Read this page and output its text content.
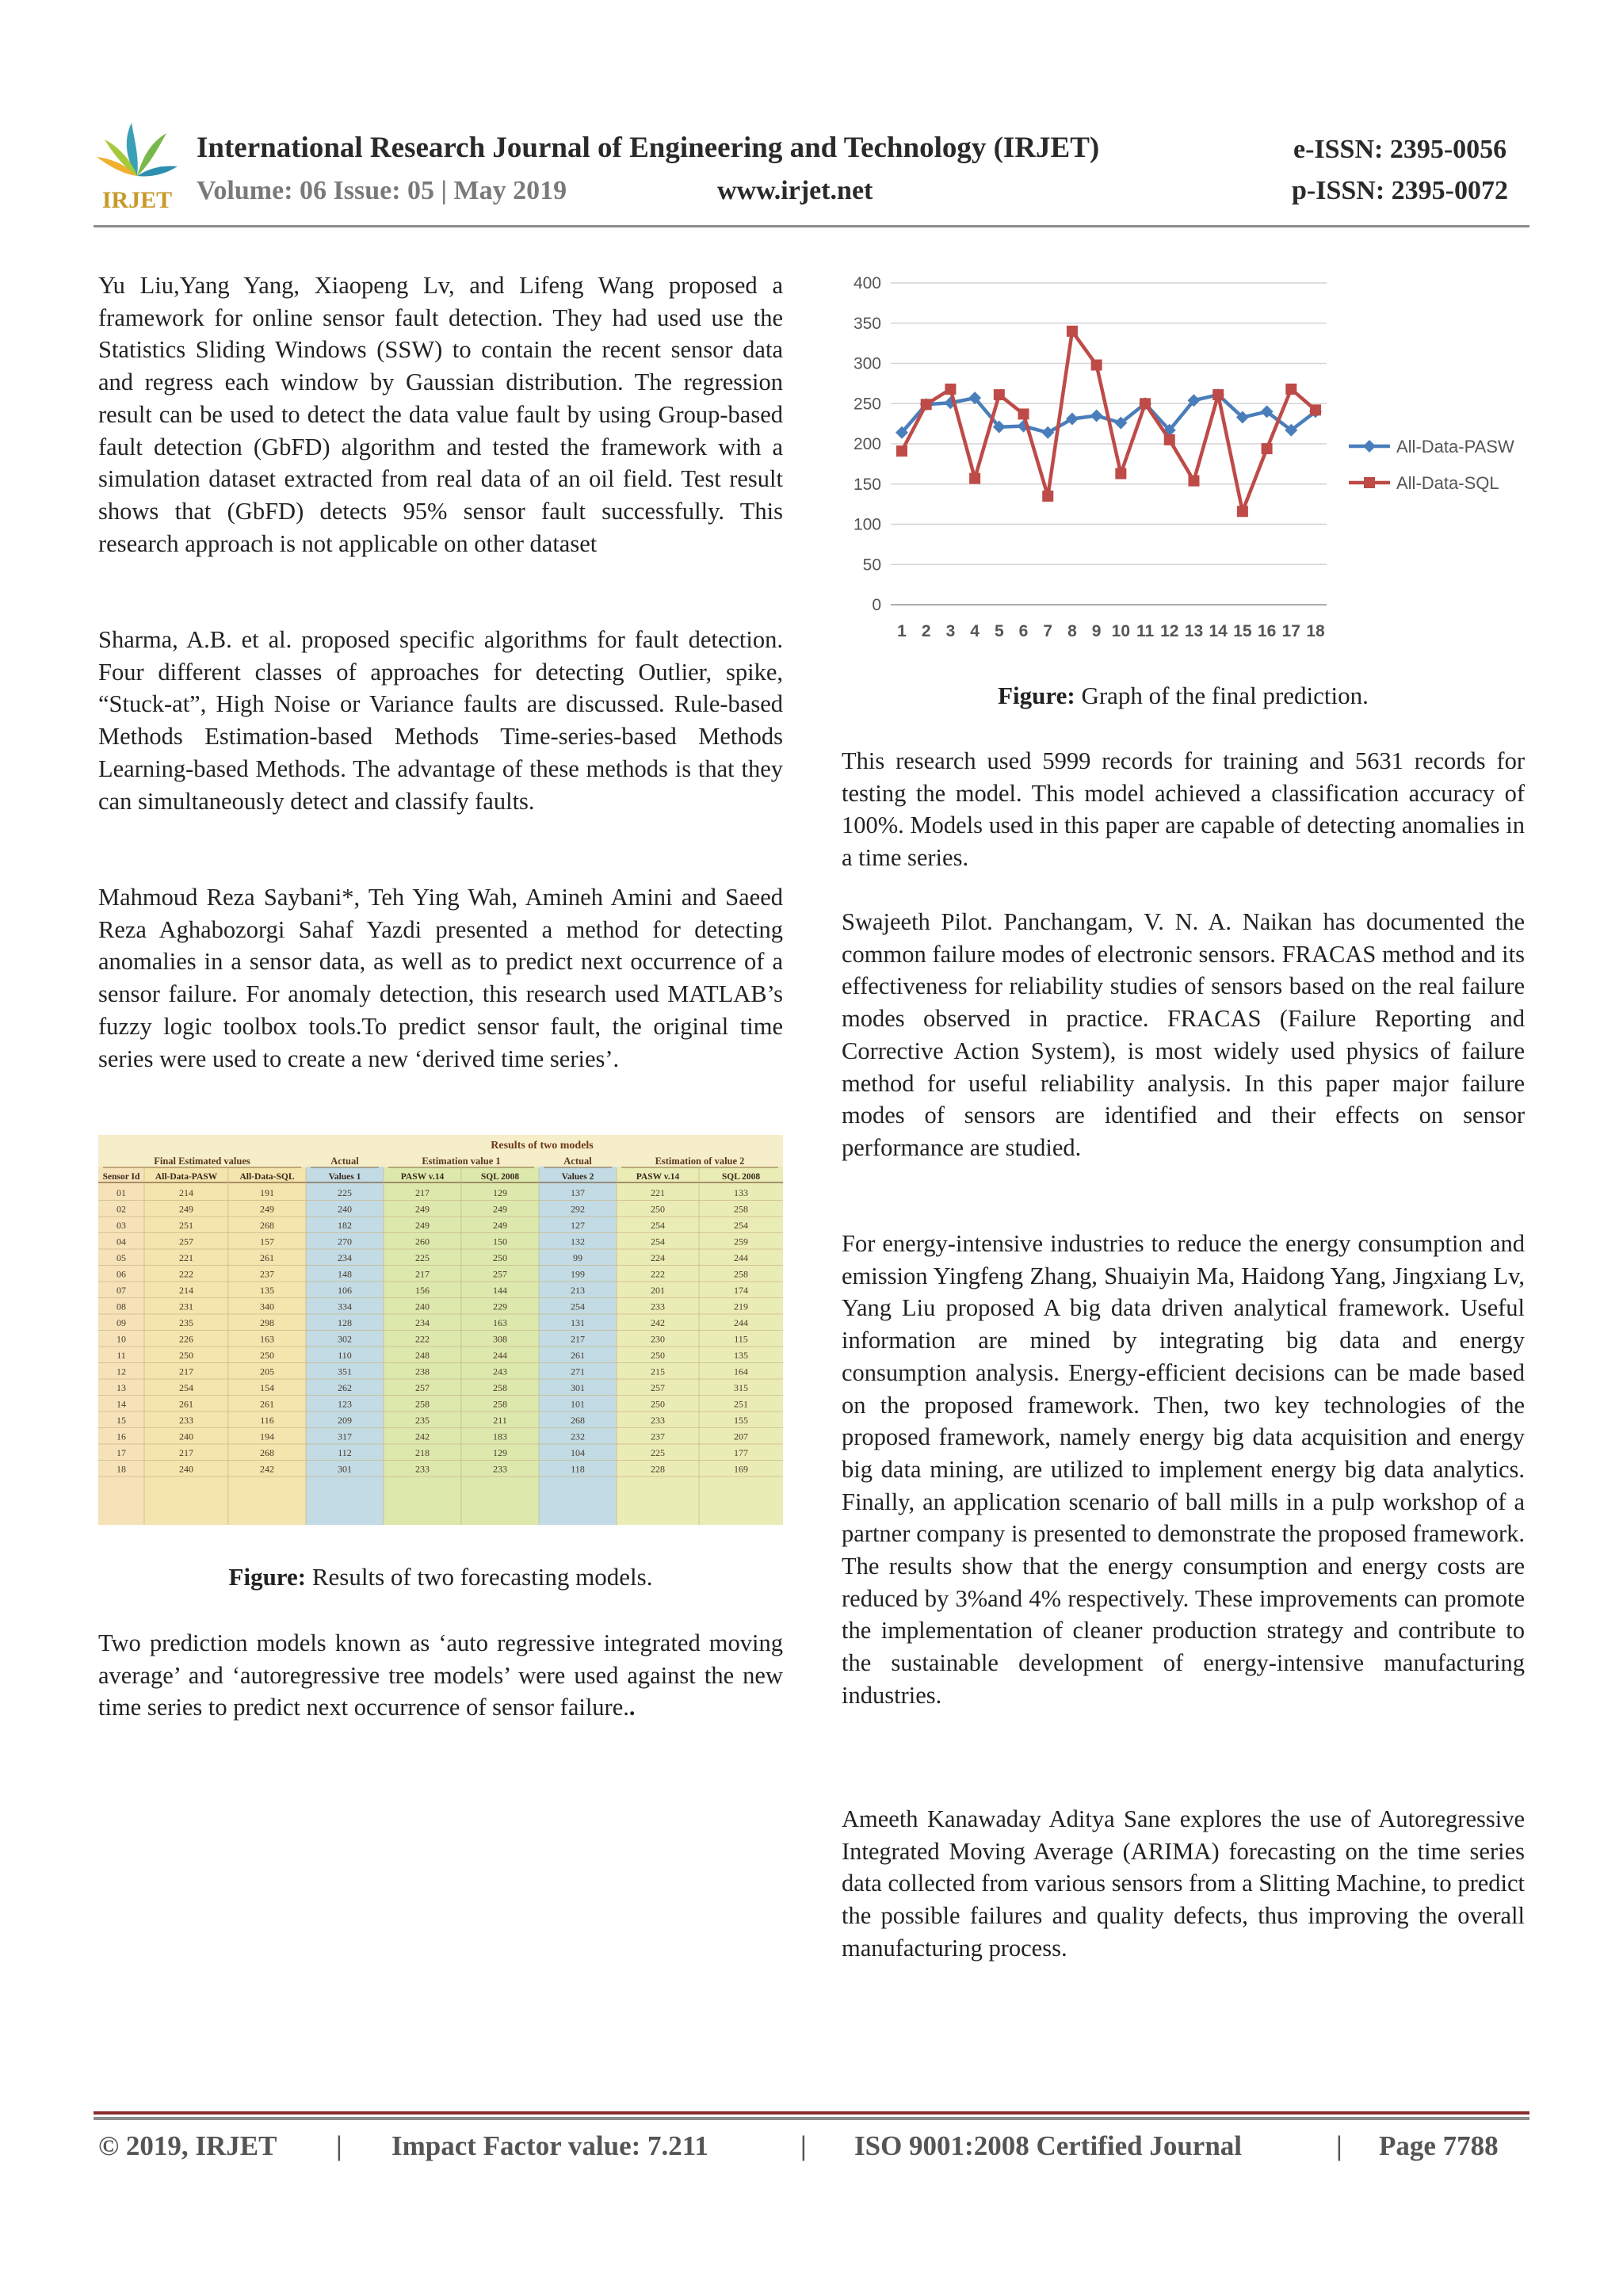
IRJET
International Research Journal of Engineering and Technology (IRJET)	e-ISSN: 2395-0056
Volume: 06 Issue: 05 | May 2019	www.irjet.net	p-ISSN: 2395-0072

Yu Liu,Yang Yang, Xiaopeng Lv, and Lifeng Wang proposed a framework for online sensor fault detection. They had used use the Statistics Sliding Windows (SSW) to contain the recent sensor data and regress each window by Gaussian distribution. The regression result can be used to detect the data value fault by using Group-based fault detection (GbFD) algorithm and tested the framework with a simulation dataset extracted from real data of an oil field. Test result shows that (GbFD) detects 95% sensor fault successfully. This research approach is not applicable on other dataset

Sharma, A.B. et al. proposed specific algorithms for fault detection. Four different classes of approaches for detecting Outlier, spike, “Stuck-at”, High Noise or Variance faults are discussed. Rule-based Methods Estimation-based Methods Time-series-based Methods Learning-based Methods. The advantage of these methods is that they can simultaneously detect and classify faults.

Mahmoud Reza Saybani*, Teh Ying Wah, Amineh Amini and Saeed Reza Aghabozorgi Sahaf Yazdi presented a method for detecting anomalies in a sensor data, as well as to predict next occurrence of a sensor failure. For anomaly detection, this research used MATLAB’s fuzzy logic toolbox tools.To predict sensor fault, the original time series were used to create a new ‘derived time series’.

Results of two models
Final Estimated values	Actual	Estimation value 1	Actual	Estimation of value 2
Sensor Id All-Data-PASW All-Data-SQL	Values 1	PASW v.14	SQL 2008	Values 2	PASW v.14	SQL 2008
01	214	191	225	217	129	137	221	133
02	249	249	240	249	249	292	250	258
03	251	268	182	249	249	127	254	254
04	257	157	270	260	150	132	254	259
05	221	261	234	225	250	99	224	244
06	222	237	148	217	257	199	222	258
07	214	135	106	156	144	213	201	174
08	231	340	334	240	229	254	233	219
09	235	298	128	234	163	131	242	244
10	226	163	302	222	308	217	230	115
11	250	250	110	248	244	261	250	135
12	217	205	351	238	243	271	215	164
13	254	154	262	257	258	301	257	315
14	261	261	123	258	258	101	250	251
15	233	116	209	235	211	268	233	155
16	240	194	317	242	183	232	237	207
17	217	268	112	218	129	104	225	177
18	240	242	301	233	233	118	228	169
Figure: Results of two forecasting models.

Two prediction models known as ‘auto regressive integrated moving average’ and ‘autoregressive tree models’ were used against the new time series to predict next occurrence of sensor failure..

0
50
100
150
200
250
300
350
400
1 2 3 4 5 6 7 8 9 10 11 12 13 14 15 16 17 18
All-Data-PASW
All-Data-SQL
Figure: Graph of the final prediction.

This research used 5999 records for training and 5631 records for testing the model. This model achieved a classification accuracy of 100%. Models used in this paper are capable of detecting anomalies in a time series.

Swajeeth Pilot. Panchangam, V. N. A. Naikan has documented the common failure modes of electronic sensors. FRACAS method and its effectiveness for reliability studies of sensors based on the real failure modes observed in practice. FRACAS (Failure Reporting and Corrective Action System), is most widely used physics of failure method for useful reliability analysis. In this paper major failure modes of sensors are identified and their effects on sensor performance are studied.

For energy-intensive industries to reduce the energy consumption and emission Yingfeng Zhang, Shuaiyin Ma, Haidong Yang, Jingxiang Lv, Yang Liu proposed A big data driven analytical framework. Useful information are mined by integrating big data and energy consumption analysis. Energy-efficient decisions can be made based on the proposed framework. Then, two key technologies of the proposed framework, namely energy big data acquisition and energy big data mining, are utilized to implement energy big data analytics. Finally, an application scenario of ball mills in a pulp workshop of a partner company is presented to demonstrate the proposed framework. The results show that the energy consumption and energy costs are reduced by 3%and 4% respectively. These improvements can promote the implementation of cleaner production strategy and contribute to the sustainable development of energy-intensive manufacturing industries.

Ameeth Kanawaday Aditya Sane explores the use of Autoregressive Integrated Moving Average (ARIMA) forecasting on the time series data collected from various sensors from a Slitting Machine, to predict the possible failures and quality defects, thus improving the overall manufacturing process.

© 2019, IRJET | Impact Factor value: 7.211	| ISO 9001:2008 Certified Journal	| Page 7788
